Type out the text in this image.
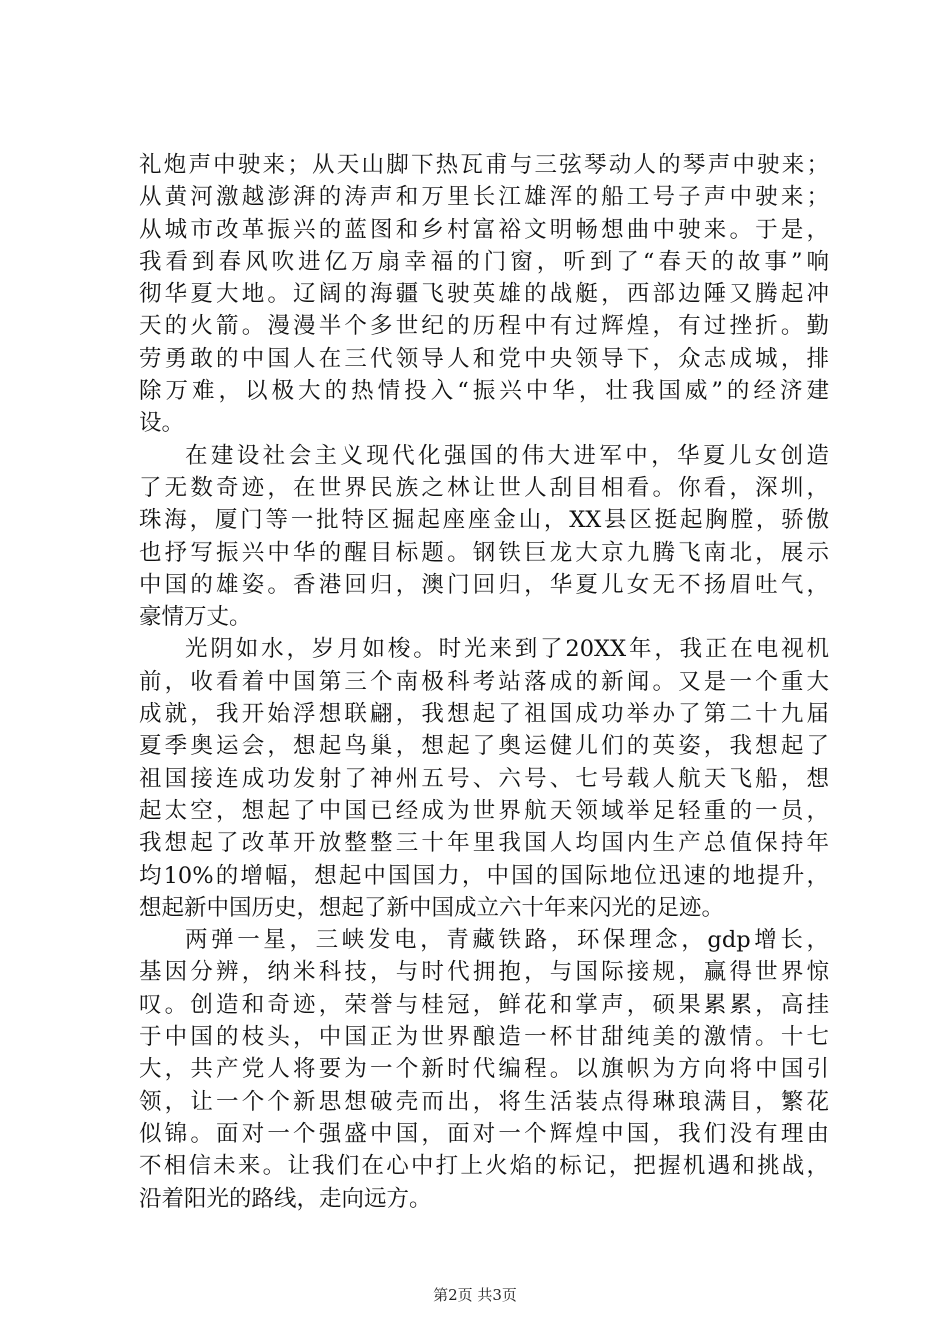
礼炮声中驶来；从天山脚下热瓦甫与三弦琴动人的琴声中驶来；
从黄河激越澎湃的涛声和万里长江雄浑的船工号子声中驶来；
从城市改革振兴的蓝图和乡村富裕文明畅想曲中驶来。于是，
我看到春风吹进亿万扇幸福的门窗，听到了“春天的故事”响
彻华夏大地。辽阔的海疆飞驶英雄的战艇，西部边陲又腾起冲
天的火箭。漫漫半个多世纪的历程中有过辉煌，有过挫折。勤
劳勇敢的中国人在三代领导人和党中央领导下，众志成城，排
除万难，以极大的热情投入“振兴中华，壮我国威”的经济建
设。
在建设社会主义现代化强国的伟大进军中，华夏儿女创造
了无数奇迹，在世界民族之林让世人刮目相看。你看，深圳，
珠海，厦门等一批特区掘起座座金山，XX县区挺起胸膛，骄傲
也抒写振兴中华的醒目标题。钢铁巨龙大京九腾飞南北，展示
中国的雄姿。香港回归，澳门回归，华夏儿女无不扬眉吐气，
豪情万丈。
光阴如水，岁月如梭。时光来到了20XX年，我正在电视机
前，收看着中国第三个南极科考站落成的新闻。又是一个重大
成就，我开始浮想联翩，我想起了祖国成功举办了第二十九届
夏季奥运会，想起鸟巢，想起了奥运健儿们的英姿，我想起了
祖国接连成功发射了神州五号、六号、七号载人航天飞船，想
起太空，想起了中国已经成为世界航天领域举足轻重的一员，
我想起了改革开放整整三十年里我国人均国内生产总值保持年
均10%的增幅，想起中国国力，中国的国际地位迅速的地提升，
想起新中国历史，想起了新中国成立六十年来闪光的足迹。
两弹一星，三峡发电，青藏铁路，环保理念，gdp增长，
基因分辨，纳米科技，与时代拥抱，与国际接规，赢得世界惊
叹。创造和奇迹，荣誉与桂冠，鲜花和掌声，硕果累累，高挂
于中国的枝头，中国正为世界酿造一杯甘甜纯美的激情。十七
大，共产党人将要为一个新时代编程。以旗帜为方向将中国引
领，让一个个新思想破壳而出，将生活装点得琳琅满目，繁花
似锦。面对一个强盛中国，面对一个辉煌中国，我们没有理由
不相信未来。让我们在心中打上火焰的标记，把握机遇和挑战，
沿着阳光的路线，走向远方。
第2页 共3页
